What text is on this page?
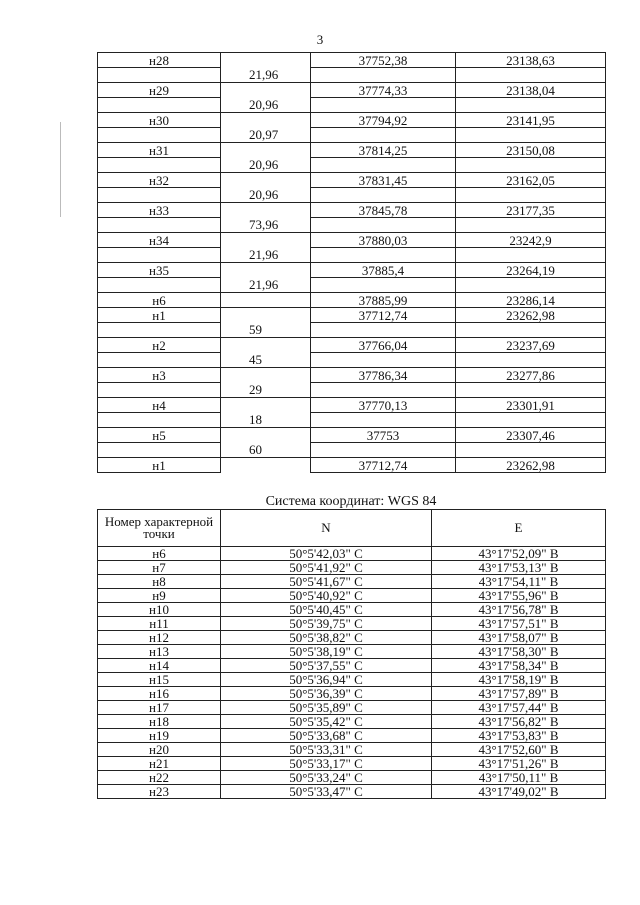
3
н28		37752,38	23138,63
	21,96		
н29		37774,33	23138,04
	20,96		
н30		37794,92	23141,95
	20,97		
н31		37814,25	23150,08
	20,96		
н32		37831,45	23162,05
	20,96		
н33		37845,78	23177,35
	73,96		
н34		37880,03	23242,9
	21,96		
н35		37885,4	23264,19
	21,96		
н6		37885,99	23286,14
н1		37712,74	23262,98
	59		
н2		37766,04	23237,69
	45		
н3		37786,34	23277,86
	29		
н4		37770,13	23301,91
	18		
н5		37753	23307,46
	60		
н1		37712,74	23262,98
Система координат: WGS 84
Номер характерной точки	N	E
н6	50°5'42,03" С	43°17'52,09" В
н7	50°5'41,92" С	43°17'53,13" В
н8	50°5'41,67" С	43°17'54,11" В
н9	50°5'40,92" С	43°17'55,96" В
н10	50°5'40,45" С	43°17'56,78" В
н11	50°5'39,75" С	43°17'57,51" В
н12	50°5'38,82" С	43°17'58,07" В
н13	50°5'38,19" С	43°17'58,30" В
н14	50°5'37,55" С	43°17'58,34" В
н15	50°5'36,94" С	43°17'58,19" В
н16	50°5'36,39" С	43°17'57,89" В
н17	50°5'35,89" С	43°17'57,44" В
н18	50°5'35,42" С	43°17'56,82" В
н19	50°5'33,68" С	43°17'53,83" В
н20	50°5'33,31" С	43°17'52,60" В
н21	50°5'33,17" С	43°17'51,26" В
н22	50°5'33,24" С	43°17'50,11" В
н23	50°5'33,47" С	43°17'49,02" В
